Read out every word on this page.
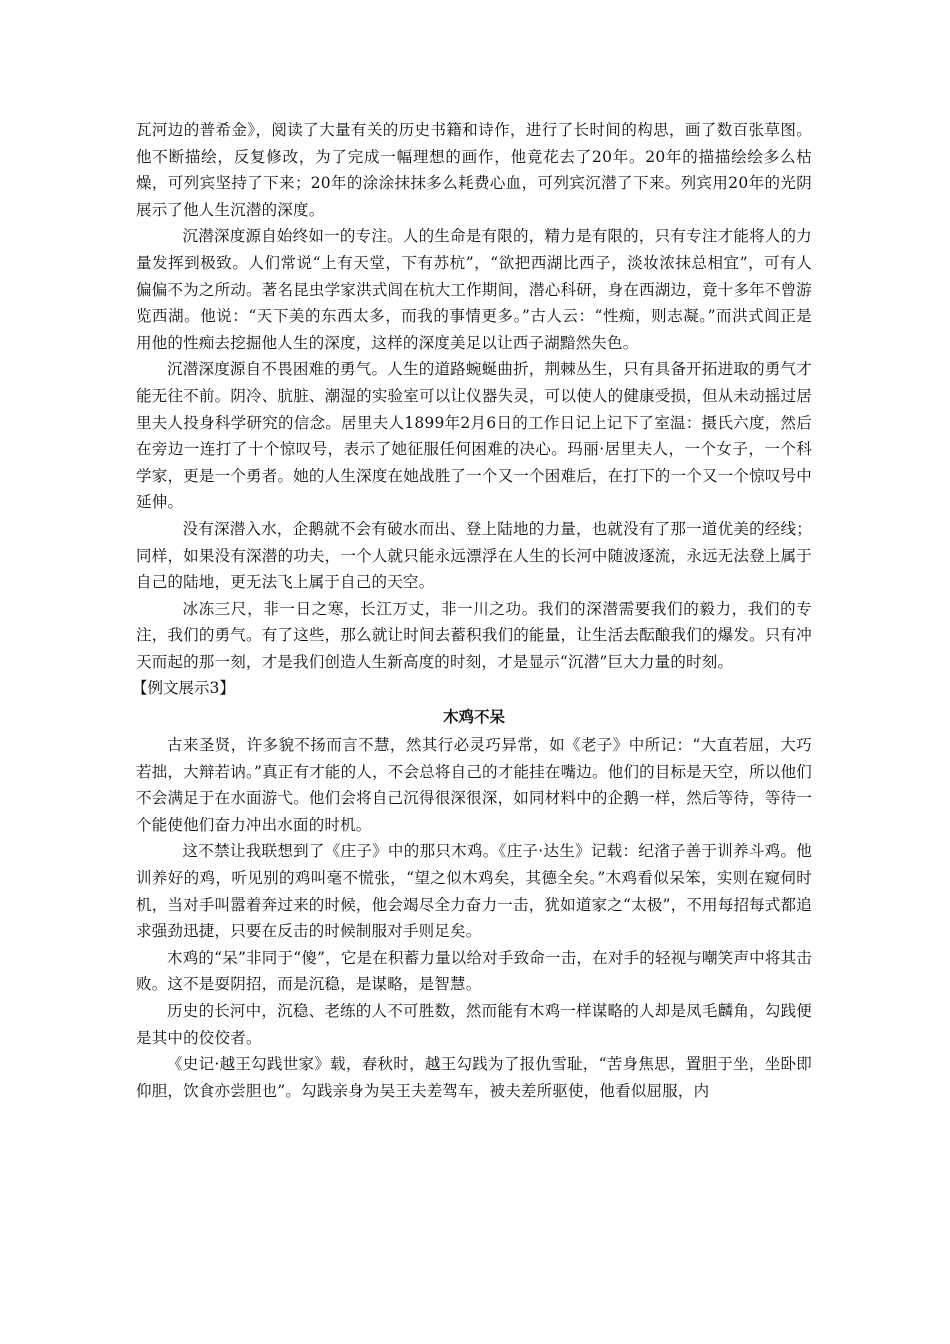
瓦河边的普希金》，阅读了大量有关的历史书籍和诗作，进行了长时间的构思，画了数百张草图。他不断描绘，反复修改，为了完成一幅理想的画作，他竟花去了20年。20年的描描绘绘多么枯燥，可列宾坚持了下来；20年的涂涂抹抹多么耗费心血，可列宾沉潜了下来。列宾用20年的光阴展示了他人生沉潜的深度。

沉潜深度源自始终如一的专注。人的生命是有限的，精力是有限的，只有专注才能将人的力量发挥到极致。人们常说“上有天堂，下有苏杭”，“欲把西湖比西子，淡妆浓抹总相宜”，可有人偏偏不为之所动。著名昆虫学家洪式闾在杭大工作期间，潜心科研，身在西湖边，竟十多年不曾游览西湖。他说：“天下美的东西太多，而我的事情更多。”古人云：“性痴，则志凝。”而洪式闾正是用他的性痴去挖掘他人生的深度，这样的深度美足以让西子湖黯然失色。

沉潜深度源自不畏困难的勇气。人生的道路蜿蜒曲折，荆棘丛生，只有具备开拓进取的勇气才能无往不前。阴冷、肮脏、潮湿的实验室可以让仪器失灵，可以使人的健康受损，但从未动摇过居里夫人投身科学研究的信念。居里夫人1899年2月6日的工作日记上记下了室温：摄氏六度，然后在旁边一连打了十个惊叹号，表示了她征服任何困难的决心。玛丽·居里夫人，一个女子，一个科学家，更是一个勇者。她的人生深度在她战胜了一个又一个困难后，在打下的一个又一个惊叹号中延伸。

没有深潜入水，企鹅就不会有破水而出、登上陆地的力量，也就没有了那一道优美的经线；同样，如果没有深潜的功夫，一个人就只能永远漂浮在人生的长河中随波逐流，永远无法登上属于自己的陆地，更无法飞上属于自己的天空。

冰冻三尺，非一日之寒，长江万丈，非一川之功。我们的深潜需要我们的毅力，我们的专注，我们的勇气。有了这些，那么就让时间去蓄积我们的能量，让生活去酝酿我们的爆发。只有冲天而起的那一刻，才是我们创造人生新高度的时刻，才是显示“沉潜”巨大力量的时刻。

【例文展示3】

木鸡不呆

古来圣贤，许多貌不扬而言不慧，然其行必灵巧异常，如《老子》中所记：“大直若屈，大巧若拙，大辩若讷。”真正有才能的人，不会总将自己的才能挂在嘴边。他们的目标是天空，所以他们不会满足于在水面游弋。他们会将自己沉得很深很深，如同材料中的企鹅一样，然后等待，等待一个能使他们奋力冲出水面的时机。

这不禁让我联想到了《庄子》中的那只木鸡。《庄子·达生》记载：纪渻子善于训养斗鸡。他训养好的鸡，听见别的鸡叫毫不慌张，“望之似木鸡矣，其德全矣。”木鸡看似呆笨，实则在窥伺时机，当对手叫嚣着奔过来的时候，他会竭尽全力奋力一击，犹如道家之“太极”，不用每招每式都追求强劲迅捷，只要在反击的时候制服对手则足矣。

木鸡的“呆”非同于“傻”，它是在积蓄力量以给对手致命一击，在对手的轻视与嘲笑声中将其击败。这不是耍阴招，而是沉稳，是谋略，是智慧。

历史的长河中，沉稳、老练的人不可胜数，然而能有木鸡一样谋略的人却是凤毛麟角，勾践便是其中的佼佼者。

《史记·越王勾践世家》载，春秋时，越王勾践为了报仇雪耻，“苦身焦思，置胆于坐，坐卧即仰胆，饮食亦尝胆也”。勾践亲身为吴王夫差驾车，被夫差所驱使，他看似屈服，内
